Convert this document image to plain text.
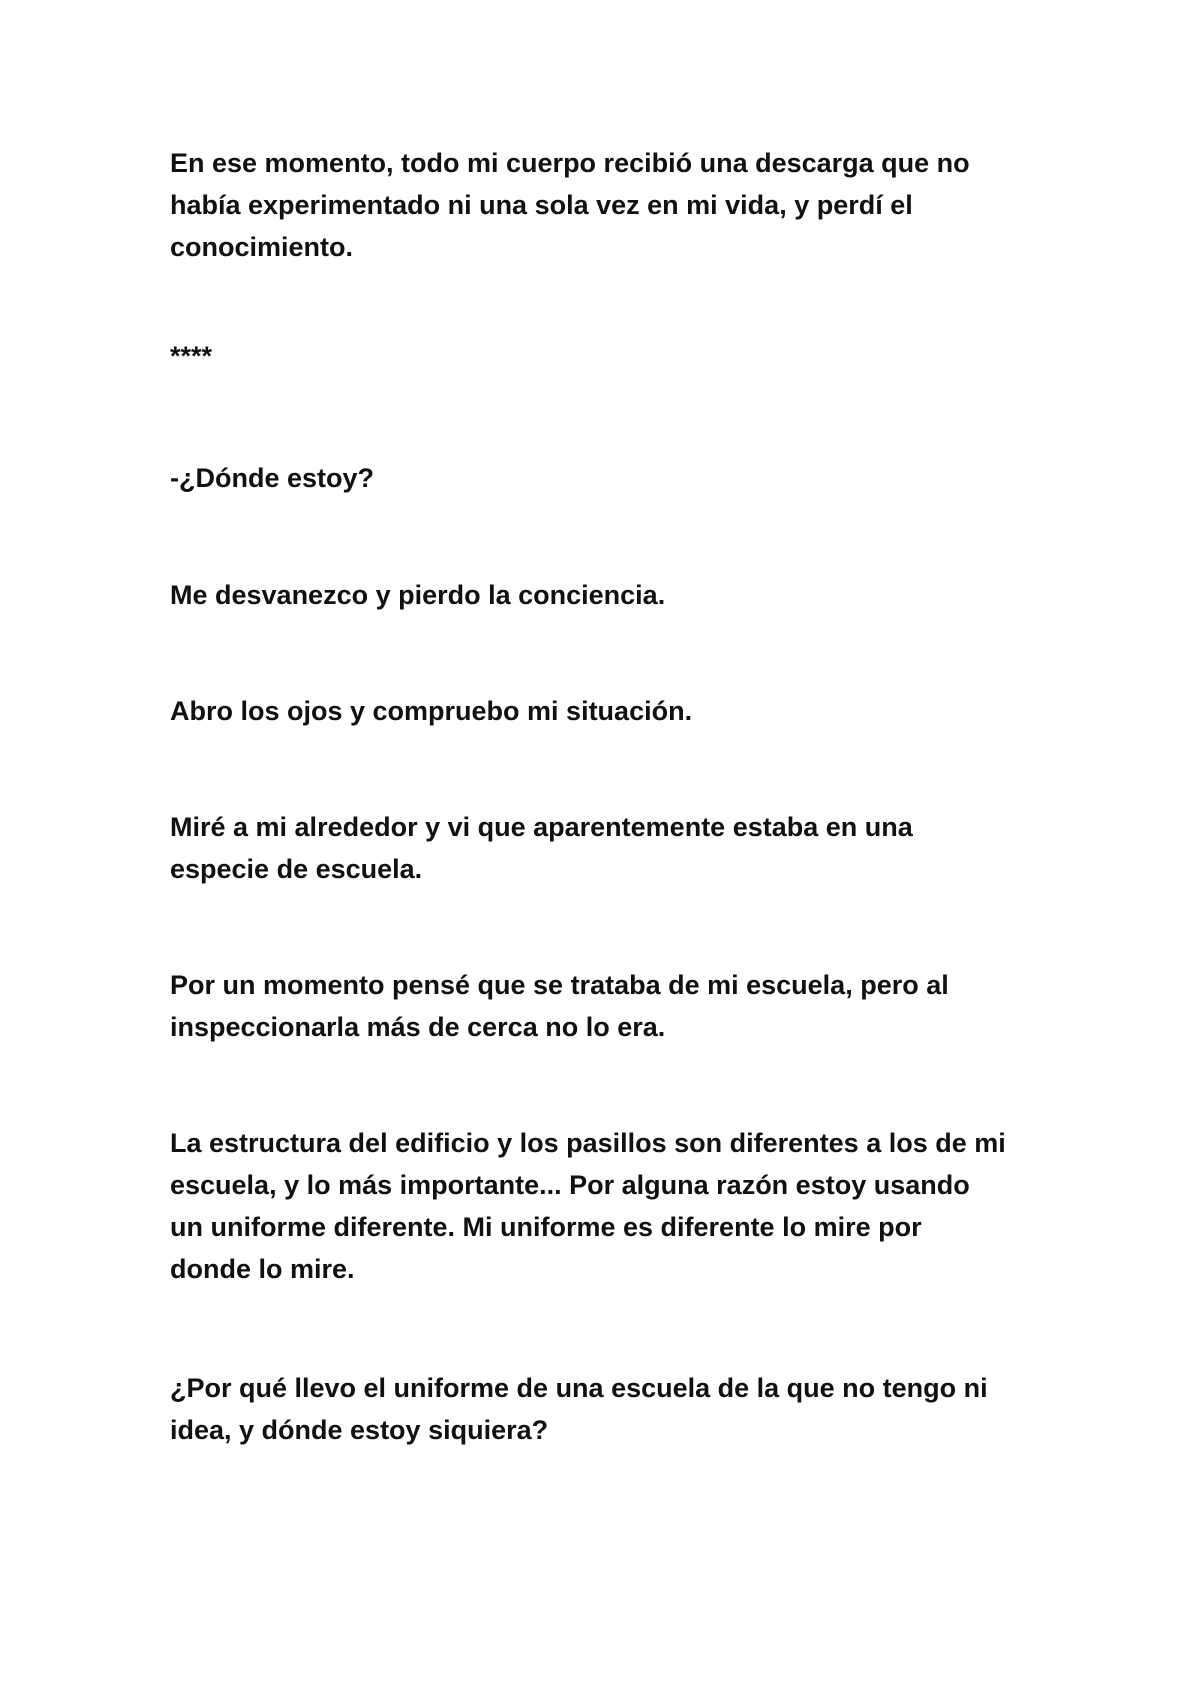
En ese momento, todo mi cuerpo recibió una descarga que no
había experimentado ni una sola vez en mi vida, y perdí el
conocimiento.

****

-¿Dónde estoy?

Me desvanezco y pierdo la conciencia.

Abro los ojos y compruebo mi situación.

Miré a mi alrededor y vi que aparentemente estaba en una
especie de escuela.

Por un momento pensé que se trataba de mi escuela, pero al
inspeccionarla más de cerca no lo era.

La estructura del edificio y los pasillos son diferentes a los de mi
escuela, y lo más importante... Por alguna razón estoy usando
un uniforme diferente. Mi uniforme es diferente lo mire por
donde lo mire.

¿Por qué llevo el uniforme de una escuela de la que no tengo ni
idea, y dónde estoy siquiera?
